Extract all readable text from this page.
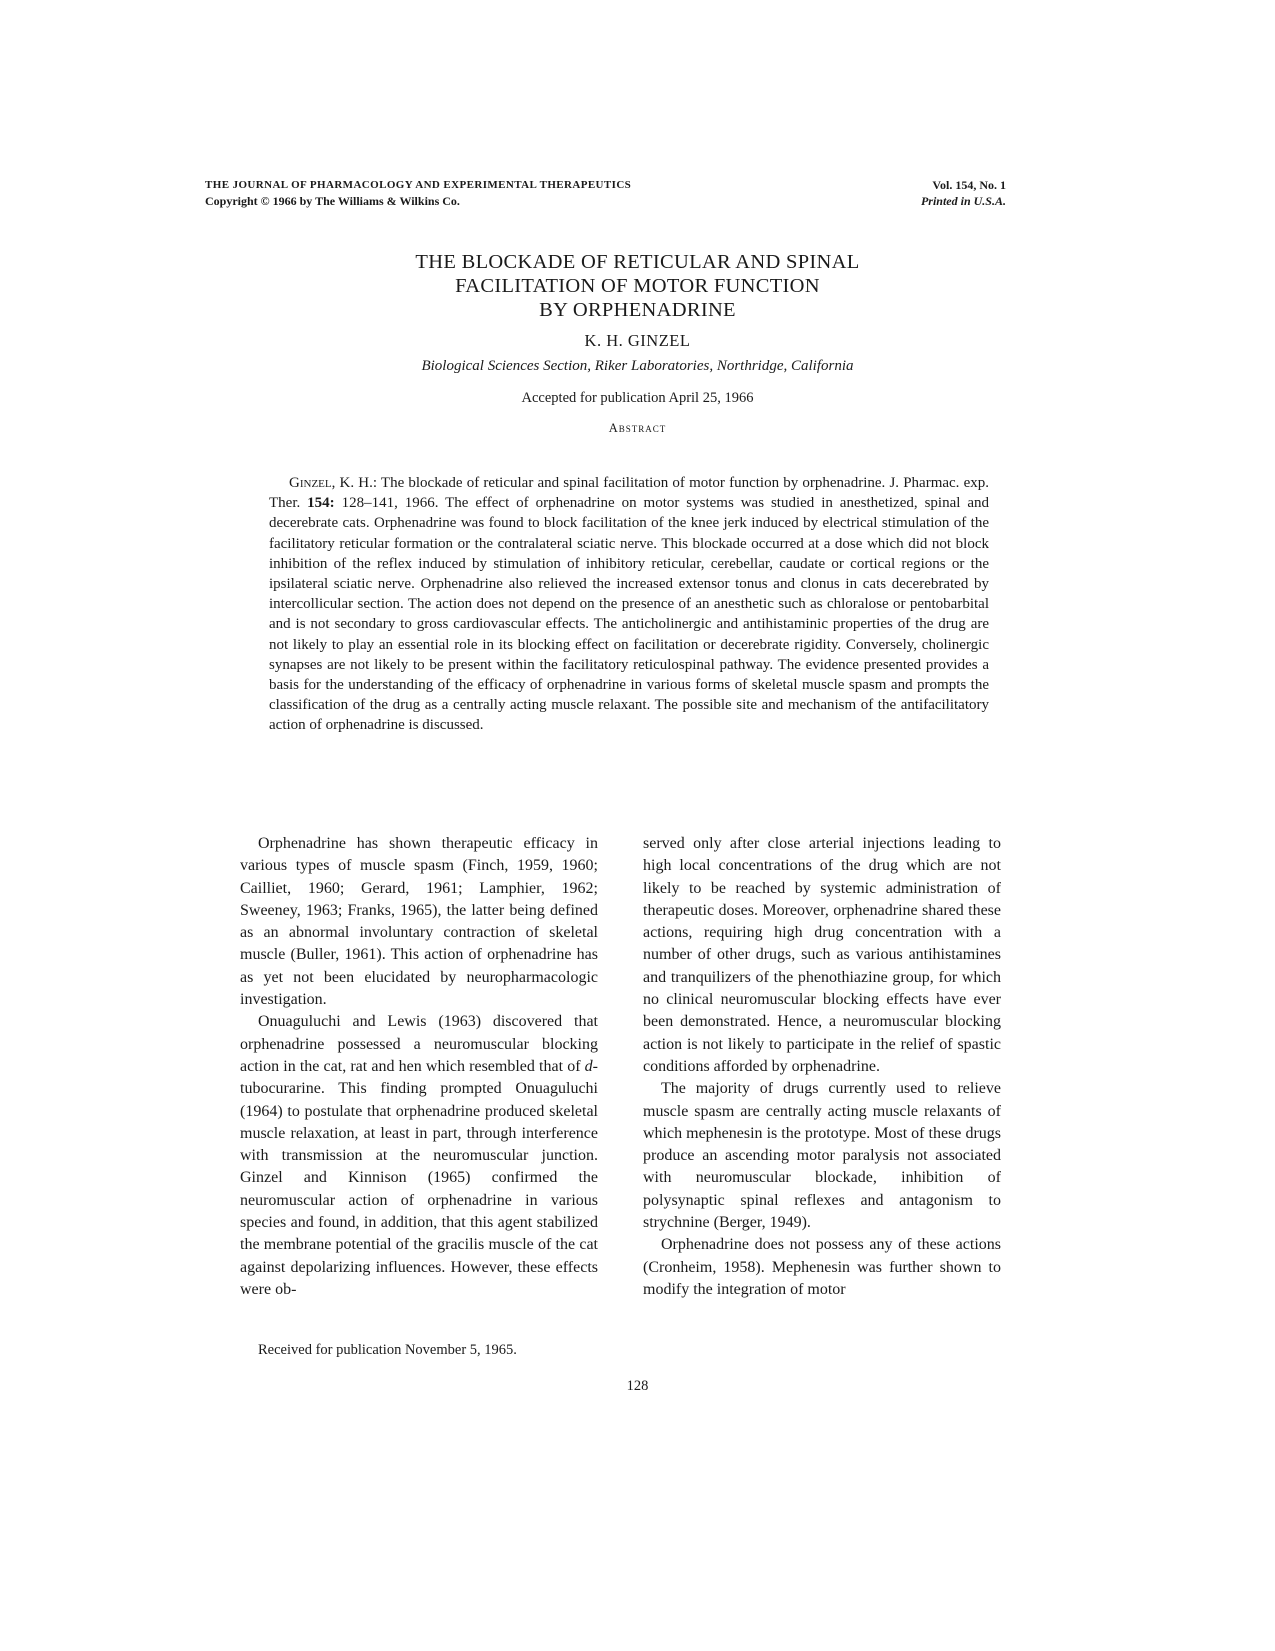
THE JOURNAL OF PHARMACOLOGY AND EXPERIMENTAL THERAPEUTICS
Copyright © 1966 by The Williams & Wilkins Co.
Vol. 154, No. 1
Printed in U.S.A.
THE BLOCKADE OF RETICULAR AND SPINAL
FACILITATION OF MOTOR FUNCTION
BY ORPHENADRINE
K. H. GINZEL
Biological Sciences Section, Riker Laboratories, Northridge, California
Accepted for publication April 25, 1966
Abstract
Ginzel, K. H.: The blockade of reticular and spinal facilitation of motor function by orphenadrine. J. Pharmac. exp. Ther. 154: 128–141, 1966. The effect of orphenadrine on motor systems was studied in anesthetized, spinal and decerebrate cats. Orphenadrine was found to block facilitation of the knee jerk induced by electrical stimulation of the facilitatory reticular formation or the contralateral sciatic nerve. This blockade occurred at a dose which did not block inhibition of the reflex induced by stimulation of inhibitory reticular, cerebellar, caudate or cortical regions or the ipsilateral sciatic nerve. Orphenadrine also relieved the increased extensor tonus and clonus in cats decerebrated by intercollicular section. The action does not depend on the presence of an anesthetic such as chloralose or pentobarbital and is not secondary to gross cardiovascular effects. The anticholinergic and antihistaminic properties of the drug are not likely to play an essential role in its blocking effect on facilitation or decerebrate rigidity. Conversely, cholinergic synapses are not likely to be present within the facilitatory reticulospinal pathway. The evidence presented provides a basis for the understanding of the efficacy of orphenadrine in various forms of skeletal muscle spasm and prompts the classification of the drug as a centrally acting muscle relaxant. The possible site and mechanism of the antifacilitatory action of orphenadrine is discussed.

Orphenadrine has shown therapeutic efficacy in various types of muscle spasm (Finch, 1959, 1960; Cailliet, 1960; Gerard, 1961; Lamphier, 1962; Sweeney, 1963; Franks, 1965), the latter being defined as an abnormal involuntary contraction of skeletal muscle (Buller, 1961). This action of orphenadrine has as yet not been elucidated by neuropharmacologic investigation.

Onuaguluchi and Lewis (1963) discovered that orphenadrine possessed a neuromuscular blocking action in the cat, rat and hen which resembled that of d-tubocurarine. This finding prompted Onuaguluchi (1964) to postulate that orphenadrine produced skeletal muscle relaxation, at least in part, through interference with transmission at the neuromuscular junction. Ginzel and Kinnison (1965) confirmed the neuromuscular action of orphenadrine in various species and found, in addition, that this agent stabilized the membrane potential of the gracilis muscle of the cat against depolarizing influences. However, these effects were ob-

served only after close arterial injections leading to high local concentrations of the drug which are not likely to be reached by systemic administration of therapeutic doses. Moreover, orphenadrine shared these actions, requiring high drug concentration with a number of other drugs, such as various antihistamines and tranquilizers of the phenothiazine group, for which no clinical neuromuscular blocking effects have ever been demonstrated. Hence, a neuromuscular blocking action is not likely to participate in the relief of spastic conditions afforded by orphenadrine.

The majority of drugs currently used to relieve muscle spasm are centrally acting muscle relaxants of which mephenesin is the prototype. Most of these drugs produce an ascending motor paralysis not associated with neuromuscular blockade, inhibition of polysynaptic spinal reflexes and antagonism to strychnine (Berger, 1949).

Orphenadrine does not possess any of these actions (Cronheim, 1958). Mephenesin was further shown to modify the integration of motor

Received for publication November 5, 1965.
128
